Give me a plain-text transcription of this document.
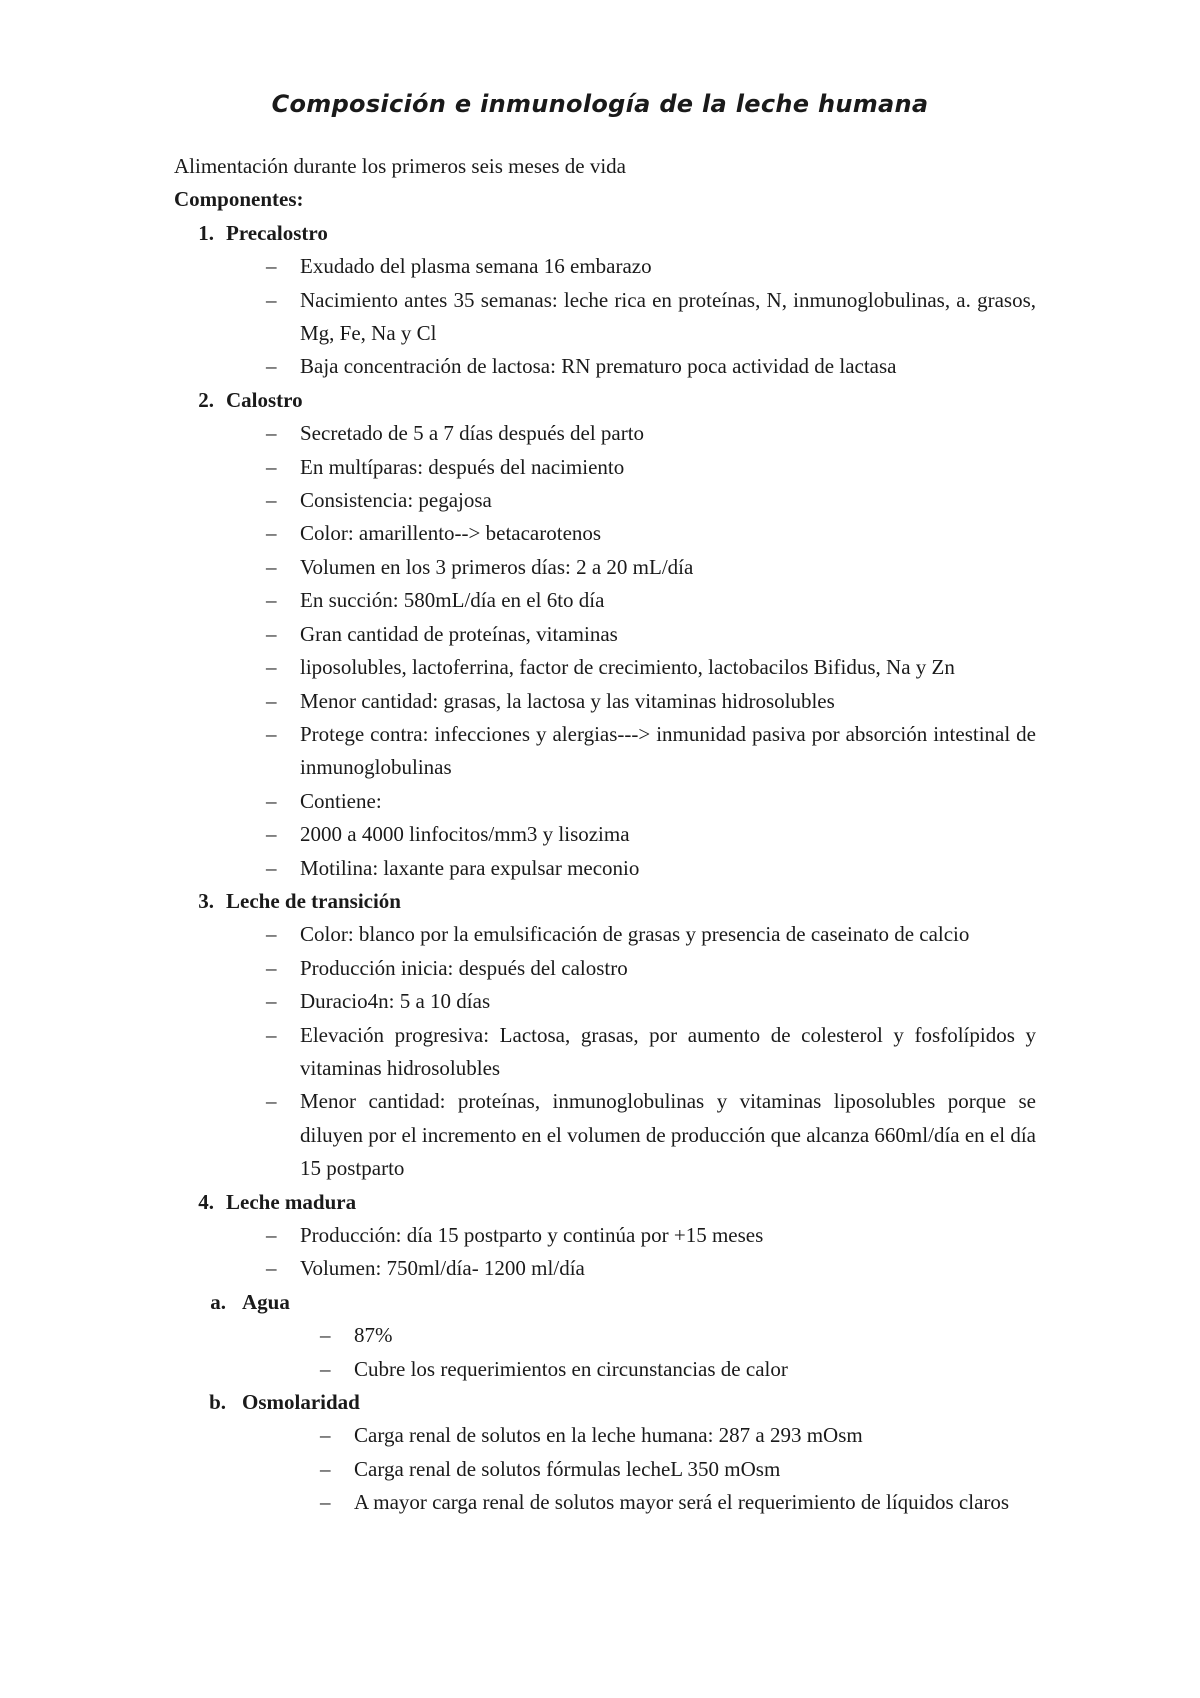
Composición e inmunología de la leche humana

Alimentación durante los primeros seis meses de vida

Componentes:

1. Precalostro
– Exudado del plasma semana 16 embarazo
– Nacimiento antes 35 semanas: leche rica en proteínas, N, inmunoglobulinas, a. grasos, Mg, Fe, Na y Cl
– Baja concentración de lactosa: RN prematuro poca actividad de lactasa
2. Calostro
– Secretado de 5 a 7 días después del parto
– En multíparas: después del nacimiento
– Consistencia: pegajosa
– Color: amarillento--> betacarotenos
– Volumen en los 3 primeros días: 2 a 20 mL/día
– En succión: 580mL/día en el 6to día
– Gran cantidad de proteínas, vitaminas
– liposolubles, lactoferrina, factor de crecimiento, lactobacilos Bifidus, Na y Zn
– Menor cantidad: grasas, la lactosa y las vitaminas hidrosolubles
– Protege contra: infecciones y alergias---> inmunidad pasiva por absorción intestinal de inmunoglobulinas
– Contiene:
– 2000 a 4000 linfocitos/mm3 y lisozima
– Motilina: laxante para expulsar meconio
3. Leche de transición
– Color: blanco por la emulsificación de grasas y presencia de caseinato de calcio
– Producción inicia: después del calostro
– Duracio4n: 5 a 10 días
– Elevación progresiva: Lactosa, grasas, por aumento de colesterol y fosfolípidos y vitaminas hidrosolubles
– Menor cantidad: proteínas, inmunoglobulinas y vitaminas liposolubles porque se diluyen por el incremento en el volumen de producción que alcanza 660ml/día en el día 15 postparto
4. Leche madura
– Producción: día 15 postparto y continúa por +15 meses
– Volumen: 750ml/día- 1200 ml/día
a. Agua
– 87%
– Cubre los requerimientos en circunstancias de calor
b. Osmolaridad
– Carga renal de solutos en la leche humana: 287 a 293 mOsm
– Carga renal de solutos fórmulas lecheL 350 mOsm
– A mayor carga renal de solutos mayor será el requerimiento de líquidos claros
